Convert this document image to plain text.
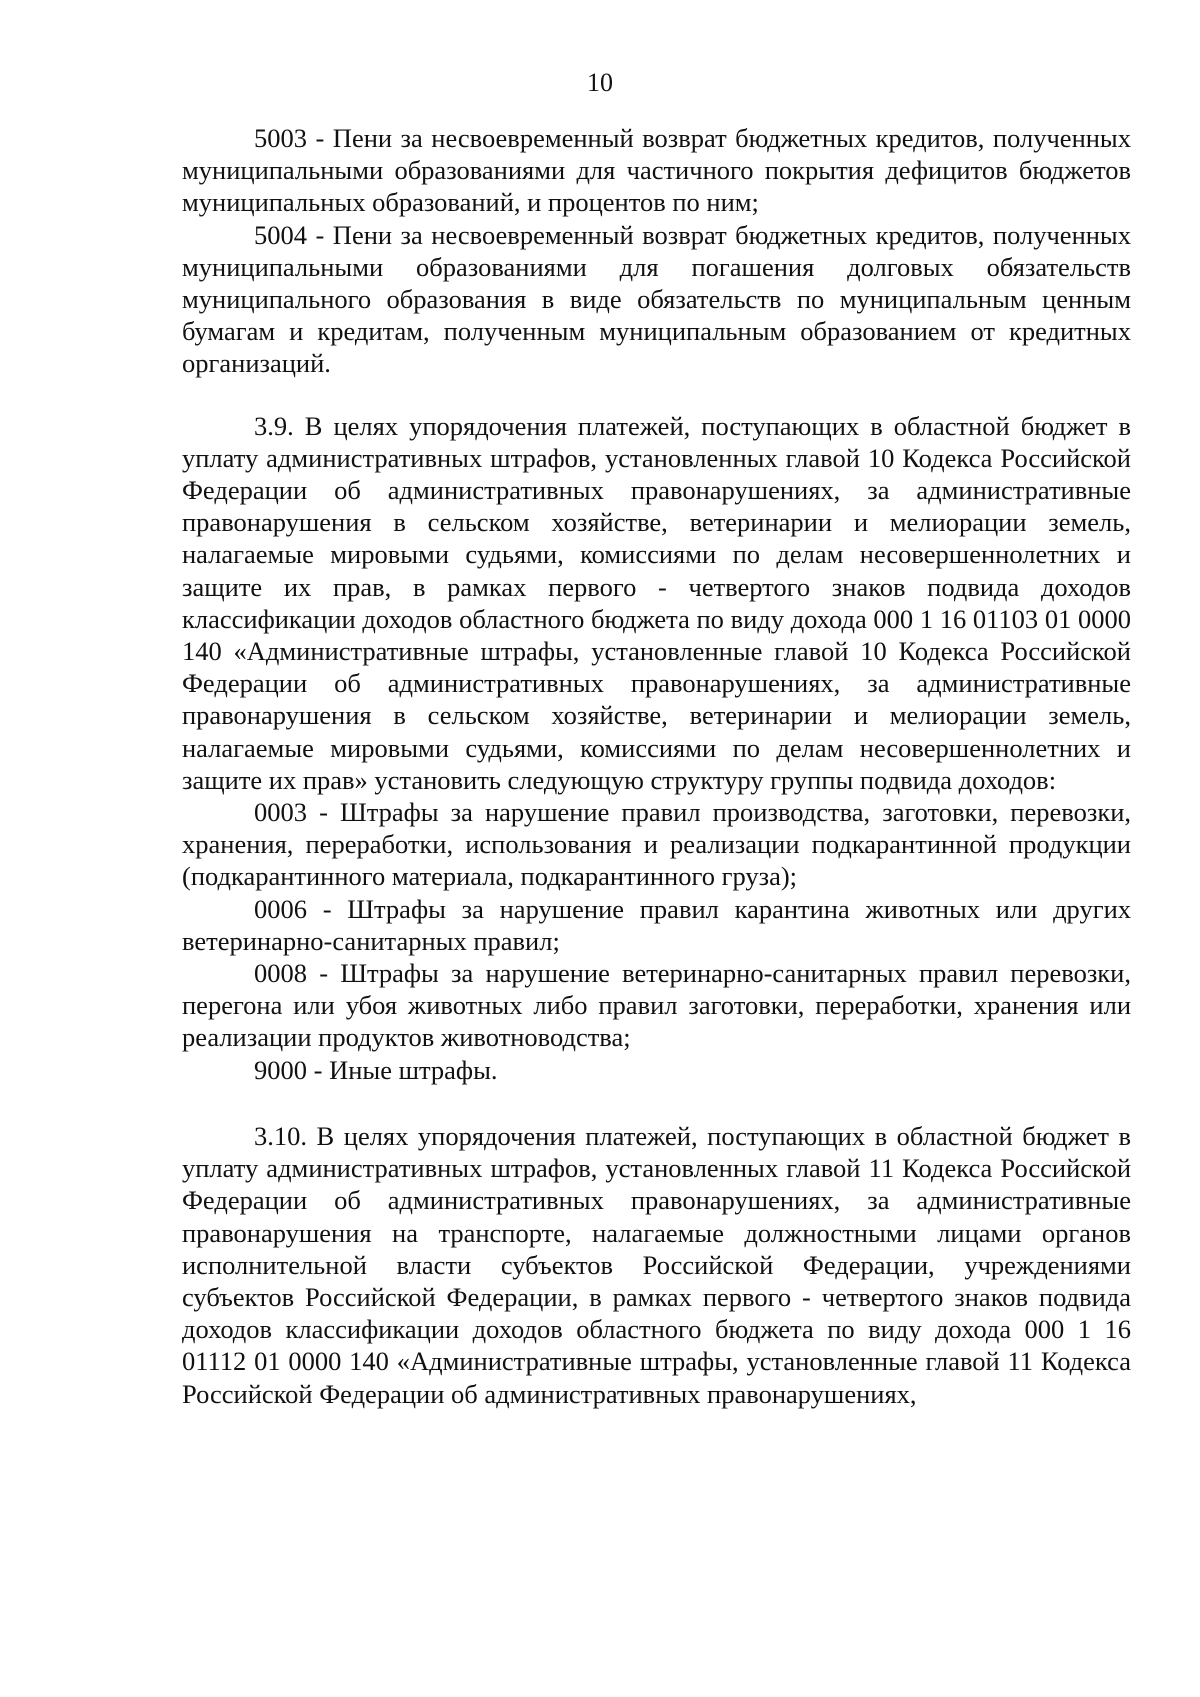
10

5003 - Пени за несвоевременный возврат бюджетных кредитов, полученных муниципальными образованиями для частичного покрытия дефицитов бюджетов муниципальных образований, и процентов по ним;

5004 - Пени за несвоевременный возврат бюджетных кредитов, полученных муниципальными образованиями для погашения долговых обязательств муниципального образования в виде обязательств по муниципальным ценным бумагам и кредитам, полученным муниципальным образованием от кредитных организаций.

3.9. В целях упорядочения платежей, поступающих в областной бюджет в уплату административных штрафов, установленных главой 10 Кодекса Российской Федерации об административных правонарушениях, за административные правонарушения в сельском хозяйстве, ветеринарии и мелиорации земель, налагаемые мировыми судьями, комиссиями по делам несовершеннолетних и защите их прав, в рамках первого - четвертого знаков подвида доходов классификации доходов областного бюджета по виду дохода 000 1 16 01103 01 0000 140 «Административные штрафы, установленные главой 10 Кодекса Российской Федерации об административных правонарушениях, за административные правонарушения в сельском хозяйстве, ветеринарии и мелиорации земель, налагаемые мировыми судьями, комиссиями по делам несовершеннолетних и защите их прав» установить следующую структуру группы подвида доходов:

0003 - Штрафы за нарушение правил производства, заготовки, перевозки, хранения, переработки, использования и реализации подкарантинной продукции (подкарантинного материала, подкарантинного груза);

0006 - Штрафы за нарушение правил карантина животных или других ветеринарно-санитарных правил;

0008 - Штрафы за нарушение ветеринарно-санитарных правил перевозки, перегона или убоя животных либо правил заготовки, переработки, хранения или реализации продуктов животноводства;

9000 - Иные штрафы.

3.10. В целях упорядочения платежей, поступающих в областной бюджет в уплату административных штрафов, установленных главой 11 Кодекса Российской Федерации об административных правонарушениях, за административные правонарушения на транспорте, налагаемые должностными лицами органов исполнительной власти субъектов Российской Федерации, учреждениями субъектов Российской Федерации, в рамках первого - четвертого знаков подвида доходов классификации доходов областного бюджета по виду дохода 000 1 16 01112 01 0000 140 «Административные штрафы, установленные главой 11 Кодекса Российской Федерации об административных правонарушениях,
